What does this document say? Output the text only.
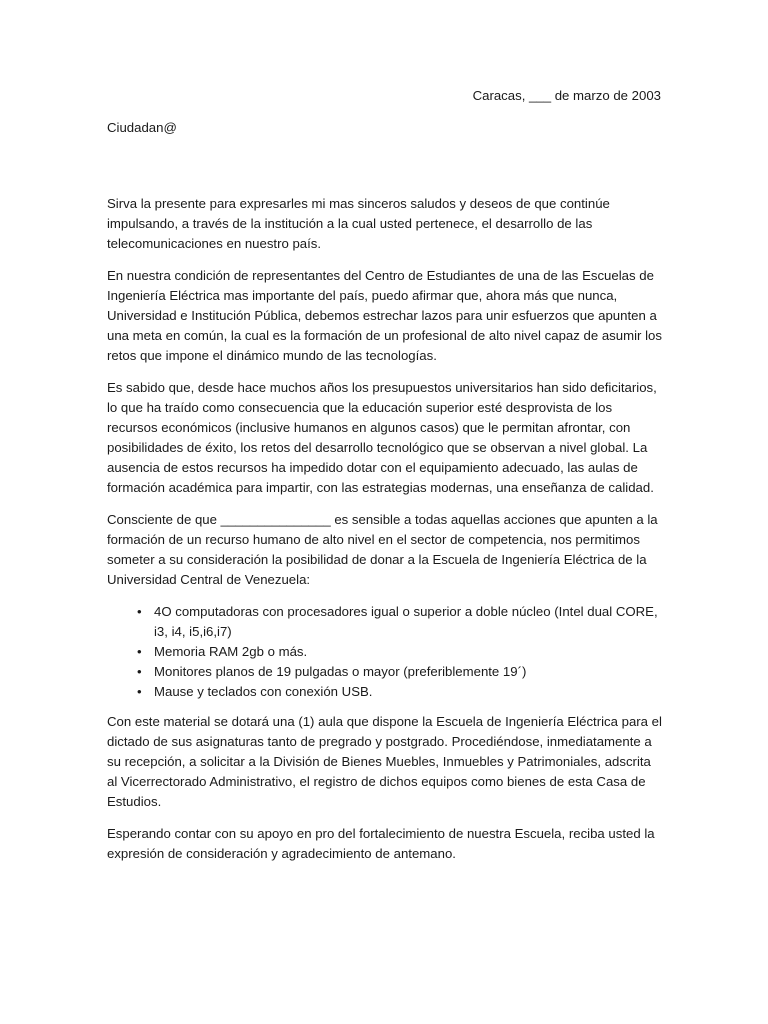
Caracas, ___ de marzo de 2003
Ciudadan@

Sirva la presente para expresarles mi mas sinceros saludos y deseos de que continúe impulsando, a través de la institución a la cual usted pertenece, el desarrollo de las telecomunicaciones en nuestro país.

En nuestra condición de representantes del Centro de Estudiantes de una de las Escuelas de Ingeniería Eléctrica mas importante del país, puedo afirmar que, ahora más que nunca, Universidad e Institución Pública, debemos estrechar lazos para unir esfuerzos que apunten a una meta en común, la cual es la formación de un profesional de alto nivel capaz de asumir los retos que impone el dinámico mundo de las tecnologías.

Es sabido que, desde hace muchos años los presupuestos universitarios han sido deficitarios, lo que ha traído como consecuencia que la educación superior esté desprovista de los recursos económicos (inclusive humanos en algunos casos) que le permitan afrontar, con posibilidades de éxito, los retos del desarrollo tecnológico que se observan a nivel global. La ausencia de estos recursos ha impedido dotar con el equipamiento adecuado, las aulas de formación académica para impartir, con las estrategias modernas, una enseñanza de calidad.

Consciente de que _______________ es sensible a todas aquellas acciones que apunten a la formación de un recurso humano de alto nivel en el sector de competencia, nos permitimos someter a su consideración la posibilidad de donar a la Escuela de Ingeniería Eléctrica de la Universidad Central de Venezuela:

• 4O computadoras con procesadores igual o superior a doble núcleo (Intel dual CORE, i3, i4, i5,i6,i7)
• Memoria RAM 2gb o más.
• Monitores planos de 19 pulgadas o mayor (preferiblemente 19´)
• Mause y teclados con conexión USB.

Con este material se dotará una (1) aula que dispone la Escuela de Ingeniería Eléctrica para el dictado de sus asignaturas tanto de pregrado y postgrado. Procediéndose, inmediatamente a su recepción, a solicitar a la División de Bienes Muebles, Inmuebles y Patrimoniales, adscrita al Vicerrectorado Administrativo, el registro de dichos equipos como bienes de esta Casa de Estudios.

Esperando contar con su apoyo en pro del fortalecimiento de nuestra Escuela, reciba usted la expresión de consideración y agradecimiento de antemano.
